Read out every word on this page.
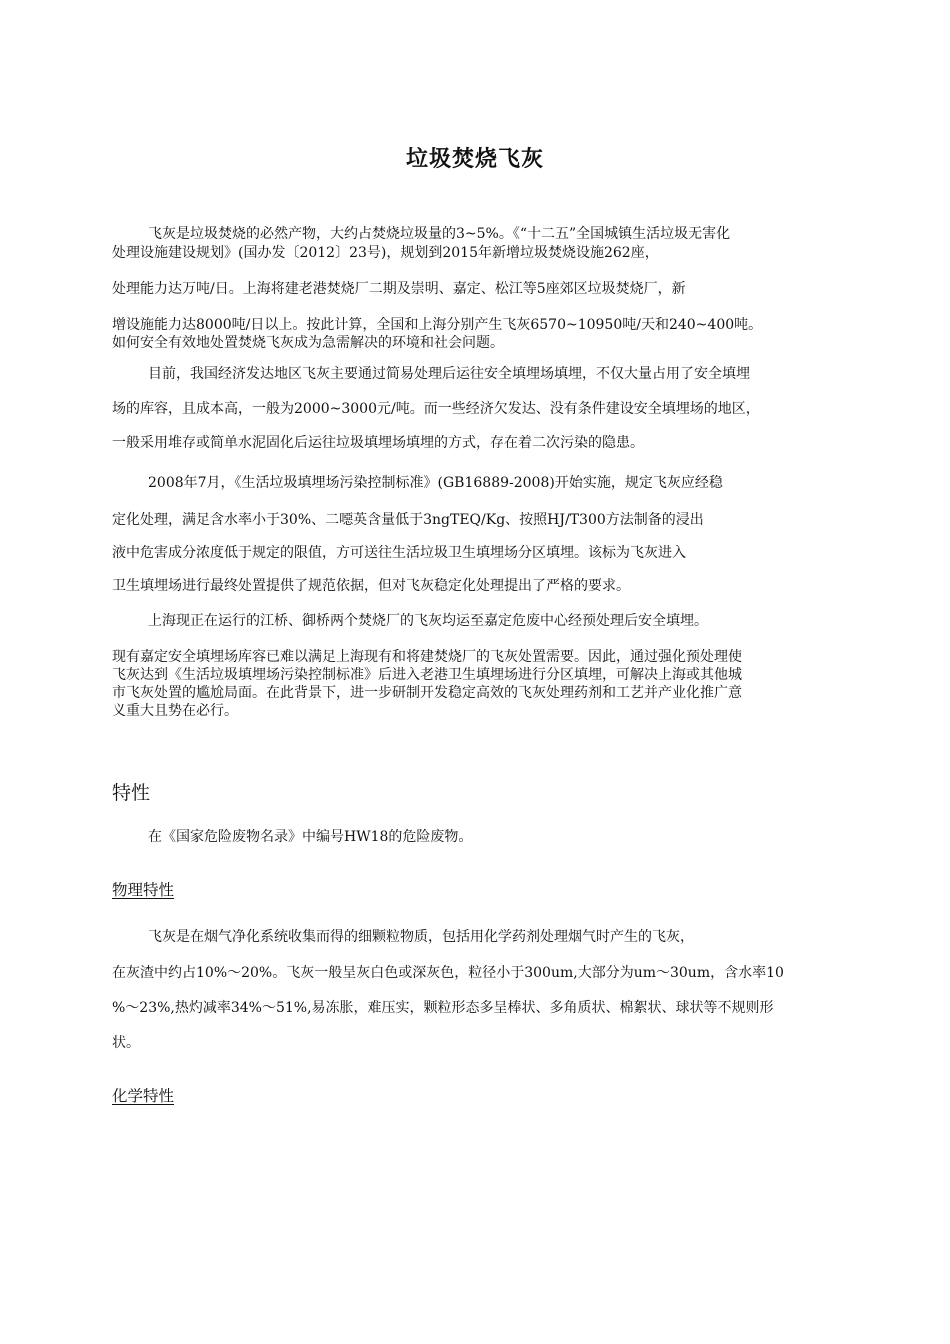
垃圾焚烧飞灰
飞灰是垃圾焚烧的必然产物，大约占焚烧垃圾量的3~5%。《“十二五”全国城镇生活垃圾无害化
处理设施建设规划》(国办发〔2012〕23号)，规划到2015年新增垃圾焚烧设施262座，
处理能力达万吨/日。上海将建老港焚烧厂二期及崇明、嘉定、松江等5座郊区垃圾焚烧厂，新
增设施能力达8000吨/日以上。按此计算，全国和上海分别产生飞灰6570~10950吨/天和240~400吨。
如何安全有效地处置焚烧飞灰成为急需解决的环境和社会问题。
目前，我国经济发达地区飞灰主要通过简易处理后运往安全填埋场填埋，不仅大量占用了安全填埋
场的库容，且成本高，一般为2000~3000元/吨。而一些经济欠发达、没有条件建设安全填埋场的地区，
一般采用堆存或简单水泥固化后运往垃圾填埋场填埋的方式，存在着二次污染的隐患。
2008年7月，《生活垃圾填埋场污染控制标准》(GB16889-2008)开始实施，规定飞灰应经稳
定化处理，满足含水率小于30%、二噁英含量低于3ngTEQ/Kg、按照HJ/T300方法制备的浸出
液中危害成分浓度低于规定的限值，方可送往生活垃圾卫生填埋场分区填埋。该标为飞灰进入
卫生填埋场进行最终处置提供了规范依据，但对飞灰稳定化处理提出了严格的要求。
上海现正在运行的江桥、御桥两个焚烧厂的飞灰均运至嘉定危废中心经预处理后安全填埋。
现有嘉定安全填埋场库容已难以满足上海现有和将建焚烧厂的飞灰处置需要。因此，通过强化预处理使
飞灰达到《生活垃圾填埋场污染控制标准》后进入老港卫生填埋场进行分区填埋，可解决上海或其他城
市飞灰处置的尴尬局面。在此背景下，进一步研制开发稳定高效的飞灰处理药剂和工艺并产业化推广意
义重大且势在必行。
特性
在《国家危险废物名录》中编号HW18的危险废物。
物理特性
飞灰是在烟气净化系统收集而得的细颗粒物质，包括用化学药剂处理烟气时产生的飞灰，
在灰渣中约占10%〜20%。飞灰一般呈灰白色或深灰色，粒径小于300um,大部分为um〜30um，含水率10
%〜23%,热灼减率34%〜51%,易冻胀，难压实，颗粒形态多呈棒状、多角质状、棉絮状、球状等不规则形
状。
化学特性
